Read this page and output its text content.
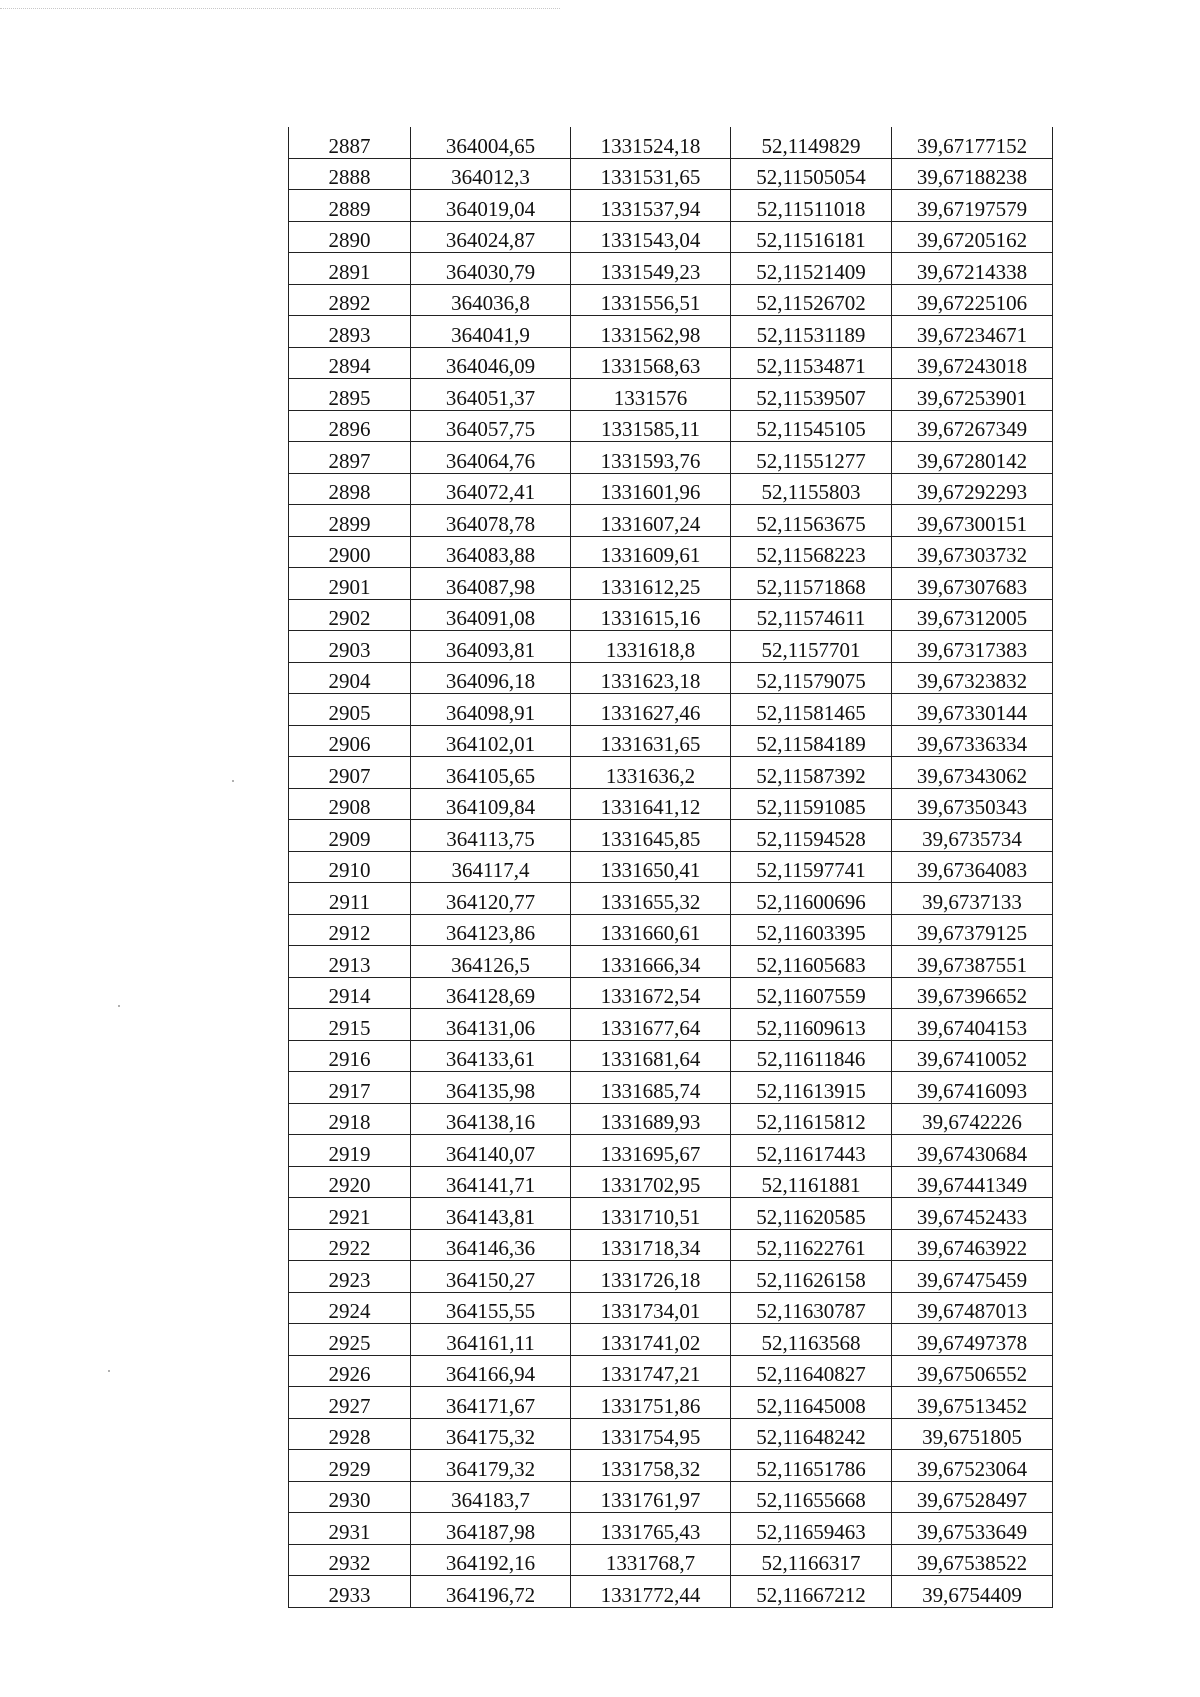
2887	364004,65	1331524,18	52,1149829	39,67177152
2888	364012,3	1331531,65	52,11505054	39,67188238
2889	364019,04	1331537,94	52,11511018	39,67197579
2890	364024,87	1331543,04	52,11516181	39,67205162
2891	364030,79	1331549,23	52,11521409	39,67214338
2892	364036,8	1331556,51	52,11526702	39,67225106
2893	364041,9	1331562,98	52,11531189	39,67234671
2894	364046,09	1331568,63	52,11534871	39,67243018
2895	364051,37	1331576	52,11539507	39,67253901
2896	364057,75	1331585,11	52,11545105	39,67267349
2897	364064,76	1331593,76	52,11551277	39,67280142
2898	364072,41	1331601,96	52,1155803	39,67292293
2899	364078,78	1331607,24	52,11563675	39,67300151
2900	364083,88	1331609,61	52,11568223	39,67303732
2901	364087,98	1331612,25	52,11571868	39,67307683
2902	364091,08	1331615,16	52,11574611	39,67312005
2903	364093,81	1331618,8	52,1157701	39,67317383
2904	364096,18	1331623,18	52,11579075	39,67323832
2905	364098,91	1331627,46	52,11581465	39,67330144
2906	364102,01	1331631,65	52,11584189	39,67336334
2907	364105,65	1331636,2	52,11587392	39,67343062
2908	364109,84	1331641,12	52,11591085	39,67350343
2909	364113,75	1331645,85	52,11594528	39,6735734
2910	364117,4	1331650,41	52,11597741	39,67364083
2911	364120,77	1331655,32	52,11600696	39,6737133
2912	364123,86	1331660,61	52,11603395	39,67379125
2913	364126,5	1331666,34	52,11605683	39,67387551
2914	364128,69	1331672,54	52,11607559	39,67396652
2915	364131,06	1331677,64	52,11609613	39,67404153
2916	364133,61	1331681,64	52,11611846	39,67410052
2917	364135,98	1331685,74	52,11613915	39,67416093
2918	364138,16	1331689,93	52,11615812	39,6742226
2919	364140,07	1331695,67	52,11617443	39,67430684
2920	364141,71	1331702,95	52,1161881	39,67441349
2921	364143,81	1331710,51	52,11620585	39,67452433
2922	364146,36	1331718,34	52,11622761	39,67463922
2923	364150,27	1331726,18	52,11626158	39,67475459
2924	364155,55	1331734,01	52,11630787	39,67487013
2925	364161,11	1331741,02	52,1163568	39,67497378
2926	364166,94	1331747,21	52,11640827	39,67506552
2927	364171,67	1331751,86	52,11645008	39,67513452
2928	364175,32	1331754,95	52,11648242	39,6751805
2929	364179,32	1331758,32	52,11651786	39,67523064
2930	364183,7	1331761,97	52,11655668	39,67528497
2931	364187,98	1331765,43	52,11659463	39,67533649
2932	364192,16	1331768,7	52,1166317	39,67538522
2933	364196,72	1331772,44	52,11667212	39,6754409
